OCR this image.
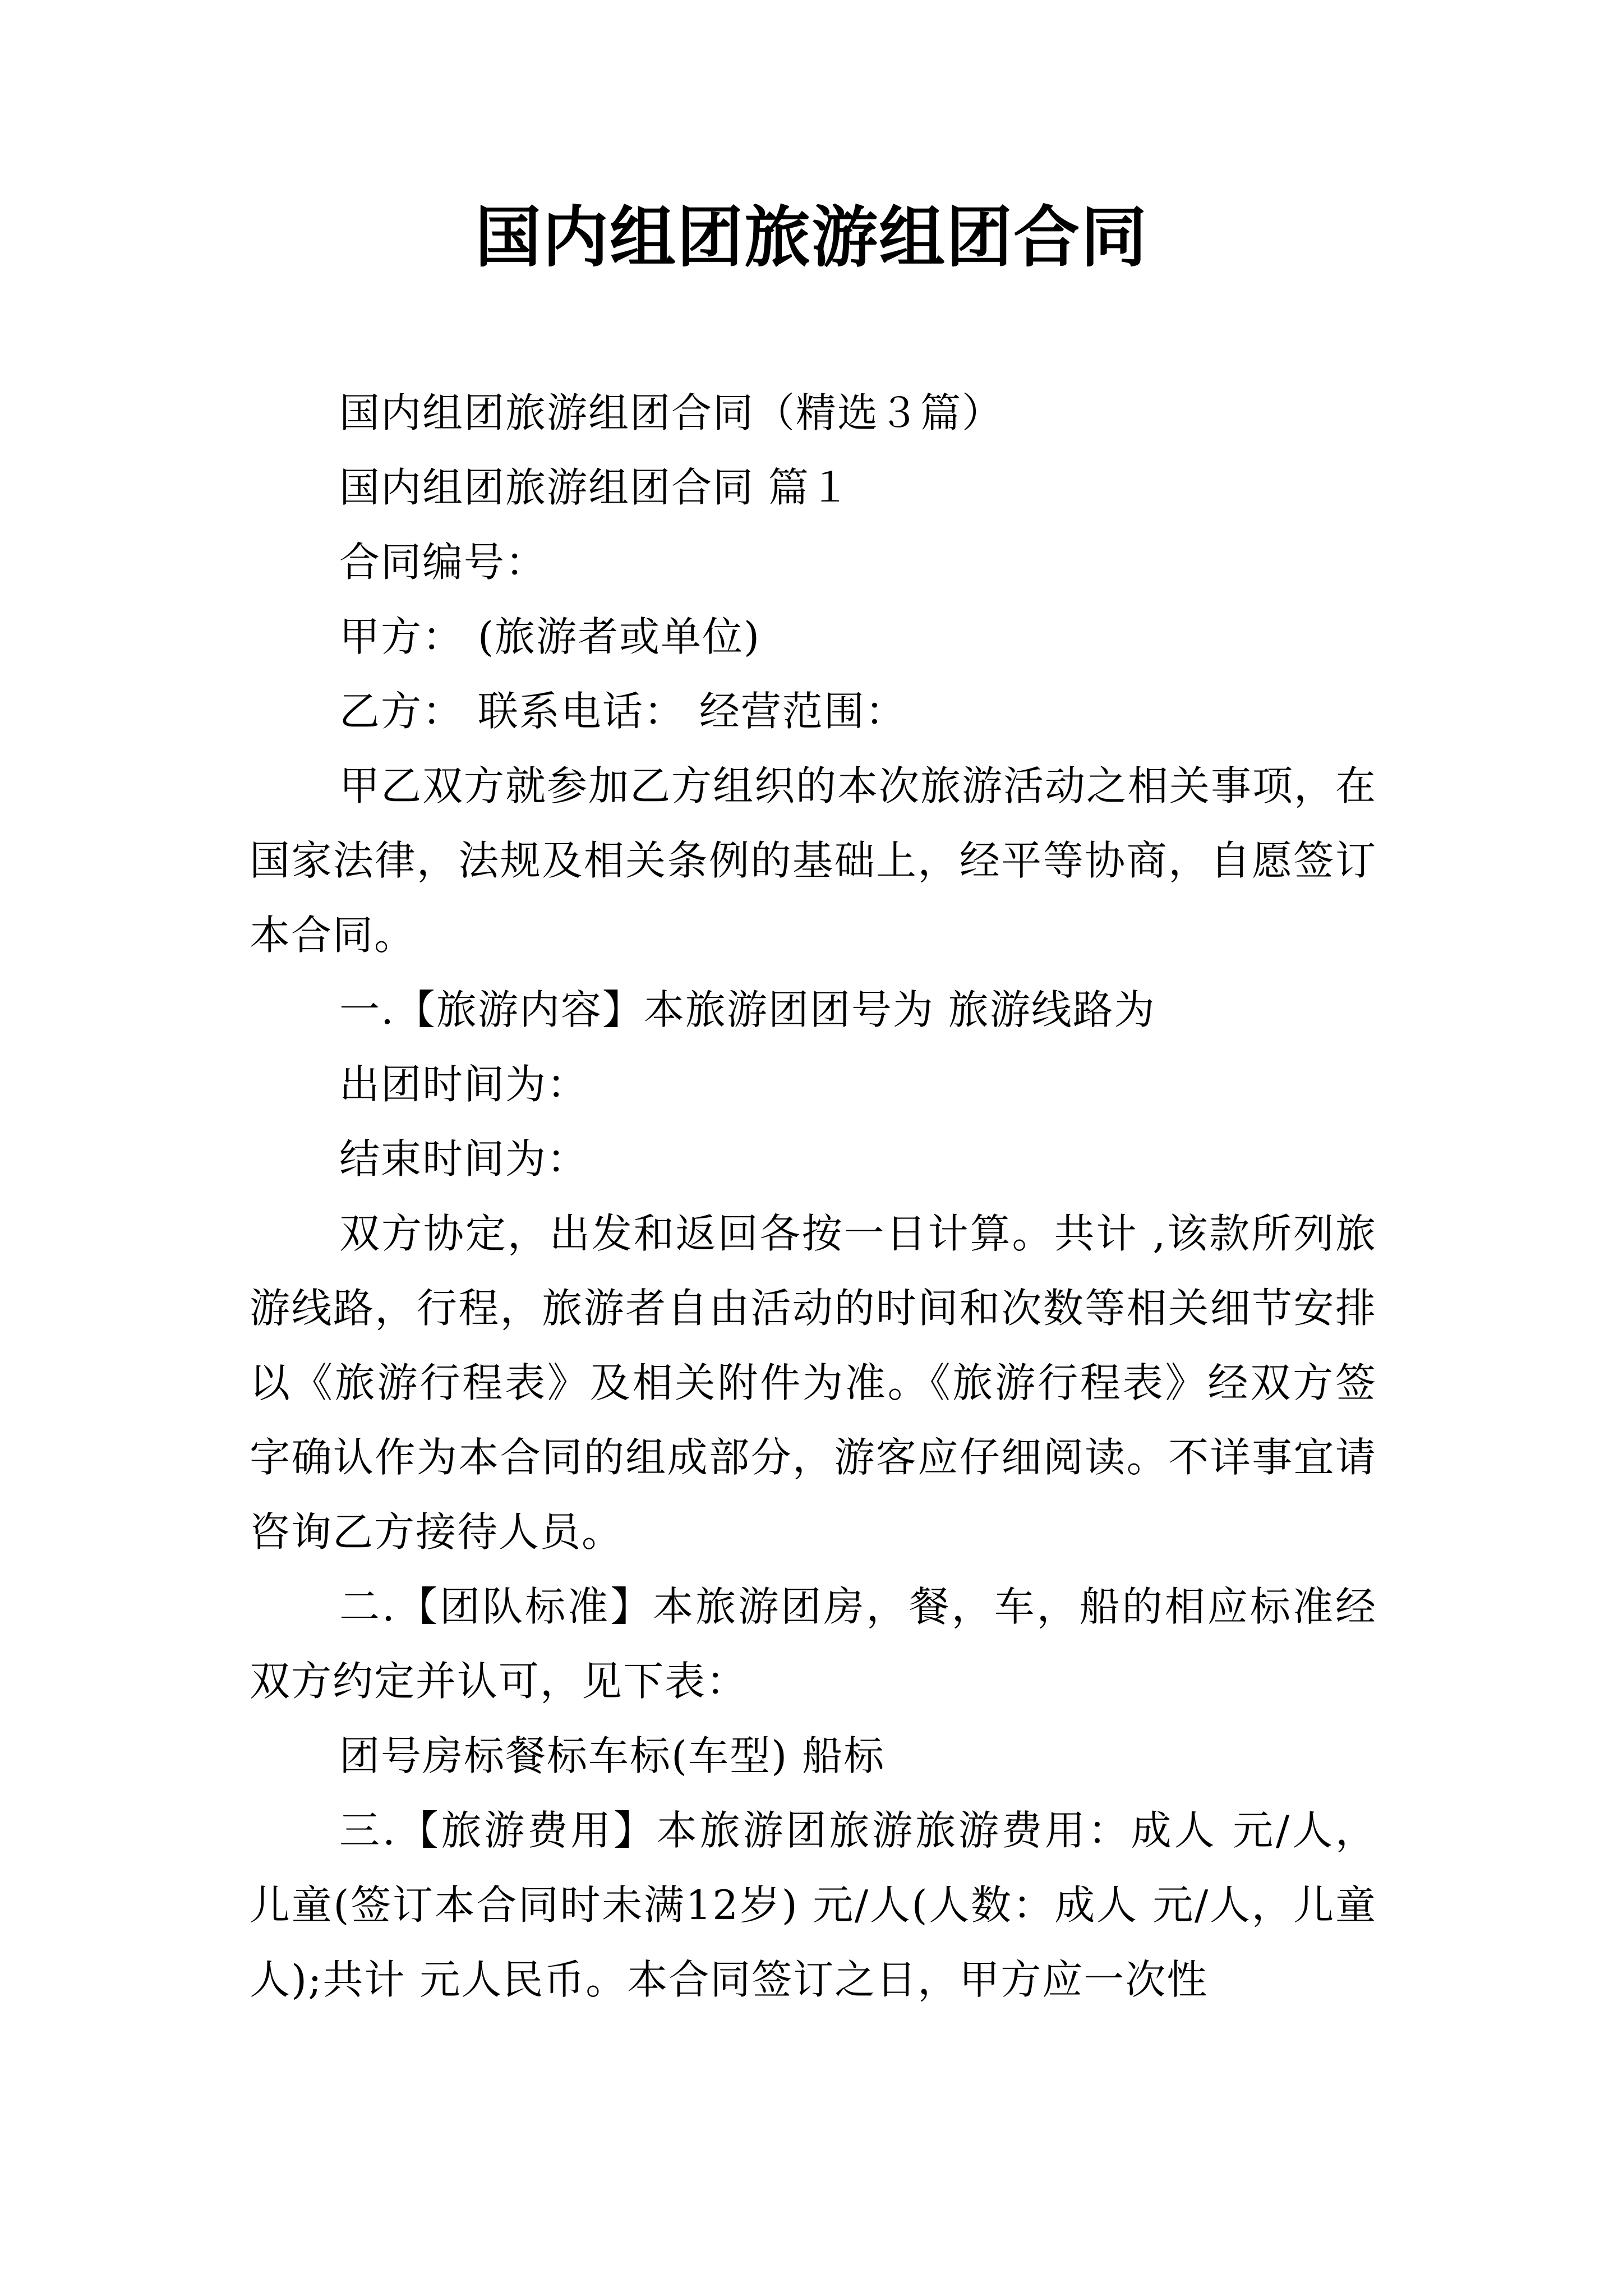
国内组团旅游组团合同

国内组团旅游组团合同（精选３篇）

国内组团旅游组团合同 篇１

合同编号：

甲方： (旅游者或单位)

乙方： 联系电话： 经营范围：

甲乙双方就参加乙方组织的本次旅游活动之相关事项，在国家法律，法规及相关条例的基础上，经平等协商，自愿签订本合同。

一.【旅游内容】本旅游团团号为 旅游线路为

出团时间为：

结束时间为：

双方协定，出发和返回各按一日计算。共计 ,该款所列旅游线路，行程，旅游者自由活动的时间和次数等相关细节安排以《旅游行程表》及相关附件为准。《旅游行程表》经双方签字确认作为本合同的组成部分，游客应仔细阅读。不详事宜请咨询乙方接待人员。

二.【团队标准】本旅游团房，餐，车，船的相应标准经双方约定并认可，见下表：

团号房标餐标车标(车型) 船标

三.【旅游费用】本旅游团旅游旅游费用：成人 元/人，儿童(签订本合同时未满12岁) 元/人(人数：成人 元/人，儿童 人);共计 元人民币。本合同签订之日，甲方应一次性
